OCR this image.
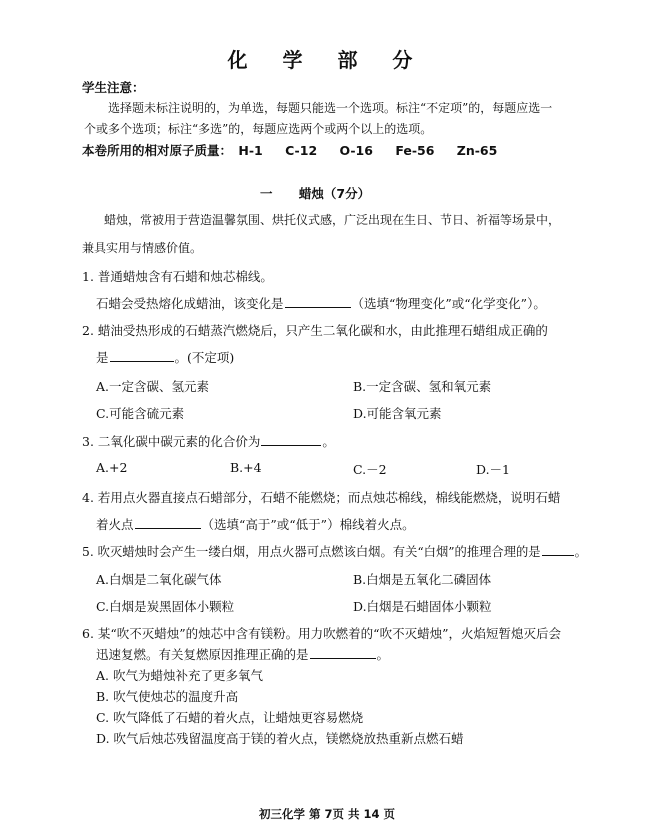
化 学 部 分
学生注意：
选择题未标注说明的，为单选，每题只能选一个选项。标注“不定项”的，每题应选一
个或多个选项；标注“多选”的，每题应选两个或两个以上的选项。
本卷所用的相对原子质量： H-1 C-12 O-16 Fe-56 Zn-65
一 蜡烛（7分）
蜡烛，常被用于营造温馨氛围、烘托仪式感，广泛出现在生日、节日、祈福等场景中，
兼具实用与情感价值。
1. 普通蜡烛含有石蜡和烛芯棉线。
石蜡会受热熔化成蜡油，该变化是	（选填“物理变化”或“化学变化”）。
2. 蜡油受热形成的石蜡蒸汽燃烧后，只产生二氧化碳和水，由此推理石蜡组成正确的
是	。(不定项)
A.一定含碳、氢元素	B.一定含碳、氢和氧元素
C.可能含硫元素	D.可能含氧元素
3. 二氧化碳中碳元素的化合价为	。
A.+2	B.+4	C.－2	D.－1
4. 若用点火器直接点石蜡部分，石蜡不能燃烧；而点烛芯棉线，棉线能燃烧，说明石蜡
着火点	（选填“高于”或“低于”）棉线着火点。
5. 吹灭蜡烛时会产生一缕白烟，用点火器可点燃该白烟。有关“白烟”的推理合理的是	。
A.白烟是二氧化碳气体	B.白烟是五氧化二磷固体
C.白烟是炭黑固体小颗粒	D.白烟是石蜡固体小颗粒
6. 某“吹不灭蜡烛”的烛芯中含有镁粉。用力吹燃着的“吹不灭蜡烛”，火焰短暂熄灭后会
迅速复燃。有关复燃原因推理正确的是	。
A. 吹气为蜡烛补充了更多氧气
B. 吹气使烛芯的温度升高
C. 吹气降低了石蜡的着火点，让蜡烛更容易燃烧
D. 吹气后烛芯残留温度高于镁的着火点，镁燃烧放热重新点燃石蜡
初三化学 第 7页 共 14 页
